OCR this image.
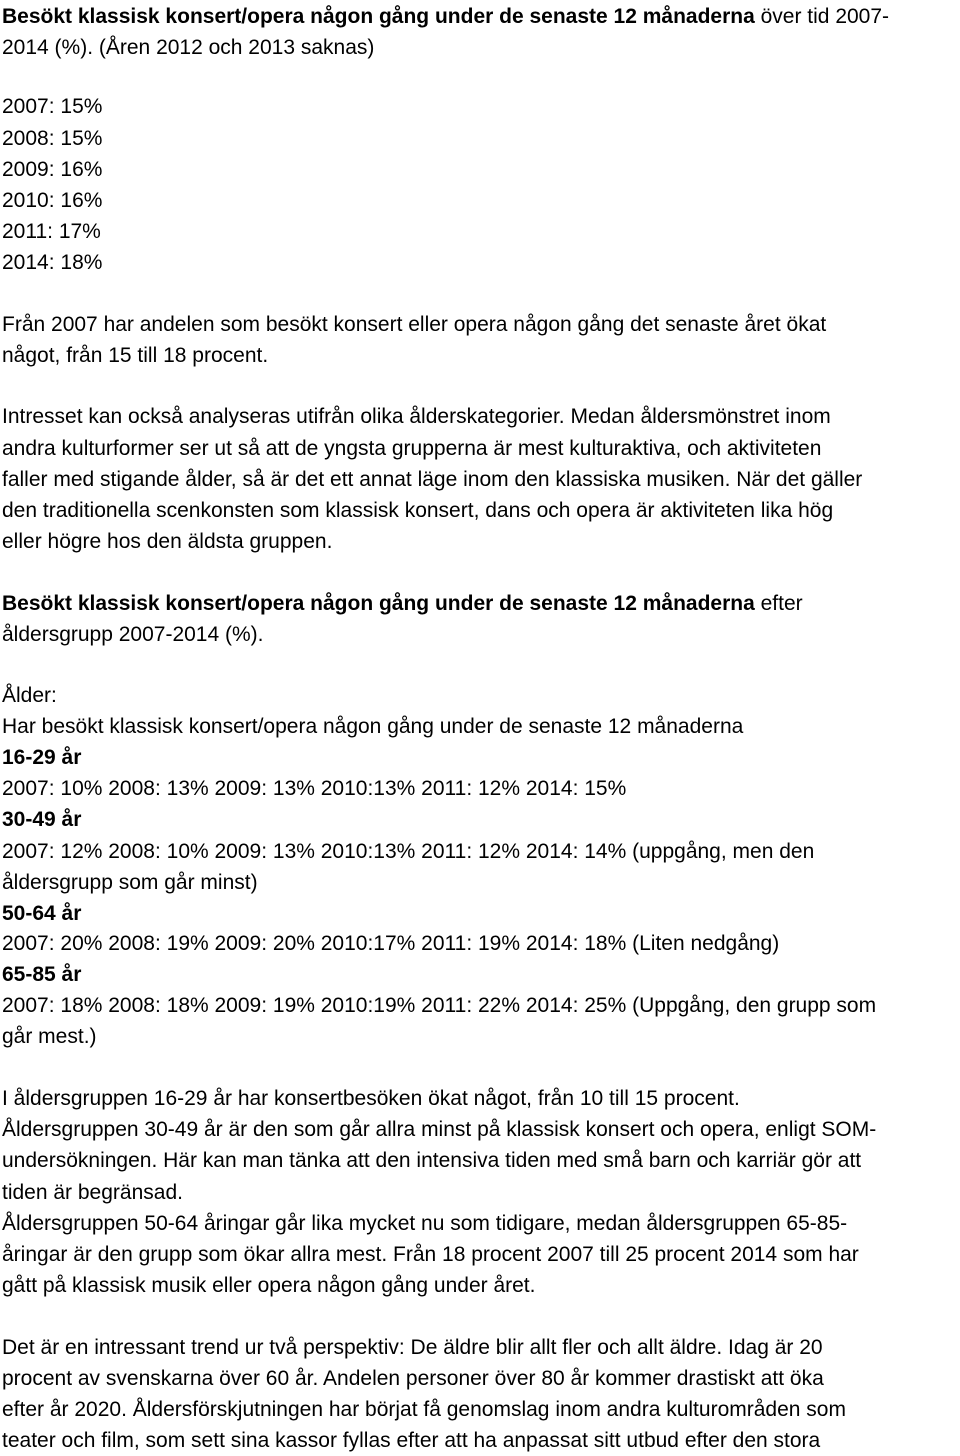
Besökt klassisk konsert/opera någon gång under de senaste 12 månaderna över tid 2007-
2014 (%). (Åren 2012 och 2013 saknas)
2007: 15%
2008: 15%
2009: 16%
2010: 16%
2011: 17%
2014: 18%
Från 2007 har andelen som besökt konsert eller opera någon gång det senaste året ökat
något, från 15 till 18 procent.
Intresset kan också analyseras utifrån olika ålderskategorier. Medan åldersmönstret inom
andra kulturformer ser ut så att de yngsta grupperna är mest kulturaktiva, och aktiviteten
faller med stigande ålder, så är det ett annat läge inom den klassiska musiken. När det gäller
den traditionella scenkonsten som klassisk konsert, dans och opera är aktiviteten lika hög
eller högre hos den äldsta gruppen.
Besökt klassisk konsert/opera någon gång under de senaste 12 månaderna efter
åldersgrupp 2007-2014 (%).
Ålder:
Har besökt klassisk konsert/opera någon gång under de senaste 12 månaderna
16-29 år
2007: 10% 2008: 13% 2009: 13% 2010:13% 2011: 12% 2014: 15%
30-49 år
2007: 12% 2008: 10% 2009: 13% 2010:13% 2011: 12% 2014: 14% (uppgång, men den
åldersgrupp som går minst)
50-64 år
2007: 20% 2008: 19% 2009: 20% 2010:17% 2011: 19% 2014: 18% (Liten nedgång)
65-85 år
2007: 18% 2008: 18% 2009: 19% 2010:19% 2011: 22% 2014: 25% (Uppgång, den grupp som
går mest.)
I åldersgruppen 16-29 år har konsertbesöken ökat något, från 10 till 15 procent.
Åldersgruppen 30-49 år är den som går allra minst på klassisk konsert och opera, enligt SOM-
undersökningen. Här kan man tänka att den intensiva tiden med små barn och karriär gör att
tiden är begränsad.
Åldersgruppen 50-64 åringar går lika mycket nu som tidigare, medan åldersgruppen 65-85-
åringar är den grupp som ökar allra mest. Från 18 procent 2007 till 25 procent 2014 som har
gått på klassisk musik eller opera någon gång under året.
Det är en intressant trend ur två perspektiv: De äldre blir allt fler och allt äldre. Idag är 20
procent av svenskarna över 60 år. Andelen personer över 80 år kommer drastiskt att öka
efter år 2020. Åldersförskjutningen har börjat få genomslag inom andra kulturområden som
teater och film, som sett sina kassor fyllas efter att ha anpassat sitt utbud efter den stora
